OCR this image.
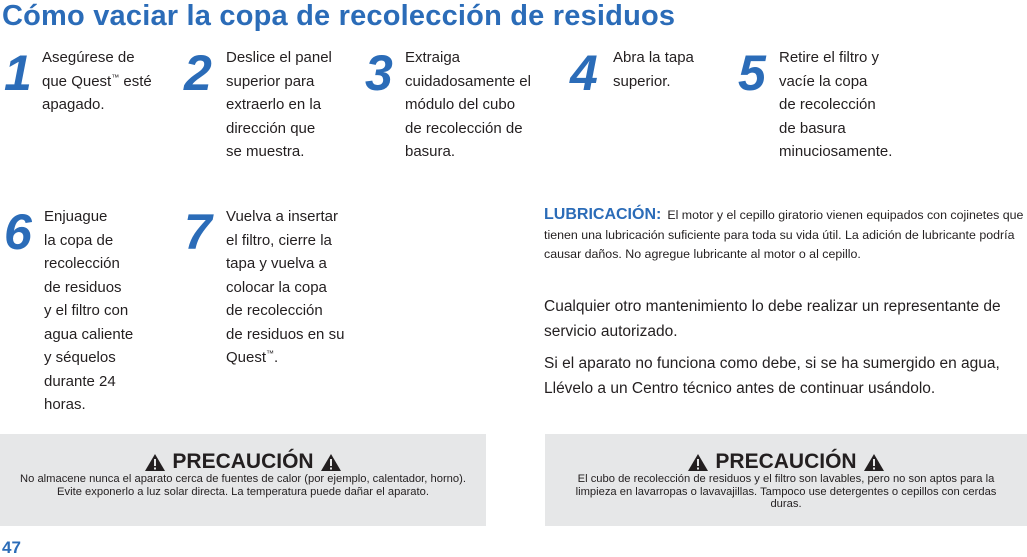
Cómo vaciar la copa de recolección de residuos
1 Asegúrese de
que Quest™ esté
apagado.
2 Deslice el panel
superior para
extraerlo en la
dirección que
se muestra.
3 Extraiga
cuidadosamente el
módulo del cubo
de recolección de
basura.
4 Abra la tapa
superior.	5 Retire el filtro y
vacíe la copa
de recolección
de basura
minuciosamente.
6 Enjuague
la copa de
recolección
de residuos
y el filtro con
agua caliente
y séquelos
durante 24
horas.
7 Vuelva a insertar
el filtro, cierre la
tapa y vuelva a
colocar la copa
de recolección
de residuos en su
Quest™.
LUBRICACIÓN: El motor y el cepillo giratorio vienen equipados con cojinetes que tienen una lubricación suficiente para toda su vida útil. La adición de lubricante podría causar daños. No agregue lubricante al motor o al cepillo.
Cualquier otro mantenimiento lo debe realizar un representante de servicio autorizado.
Si el aparato no funciona como debe, si se ha sumergido en agua, Llévelo a un Centro técnico antes de continuar usándolo.
PRECAUCIÓN
No almacene nunca el aparato cerca de fuentes de calor (por ejemplo, calentador, horno). Evite exponerlo a luz solar directa. La temperatura puede dañar el aparato.
PRECAUCIÓN
El cubo de recolección de residuos y el filtro son lavables, pero no son aptos para la limpieza en lavarropas o lavavajillas. Tampoco use detergentes o cepillos con cerdas duras.
47
